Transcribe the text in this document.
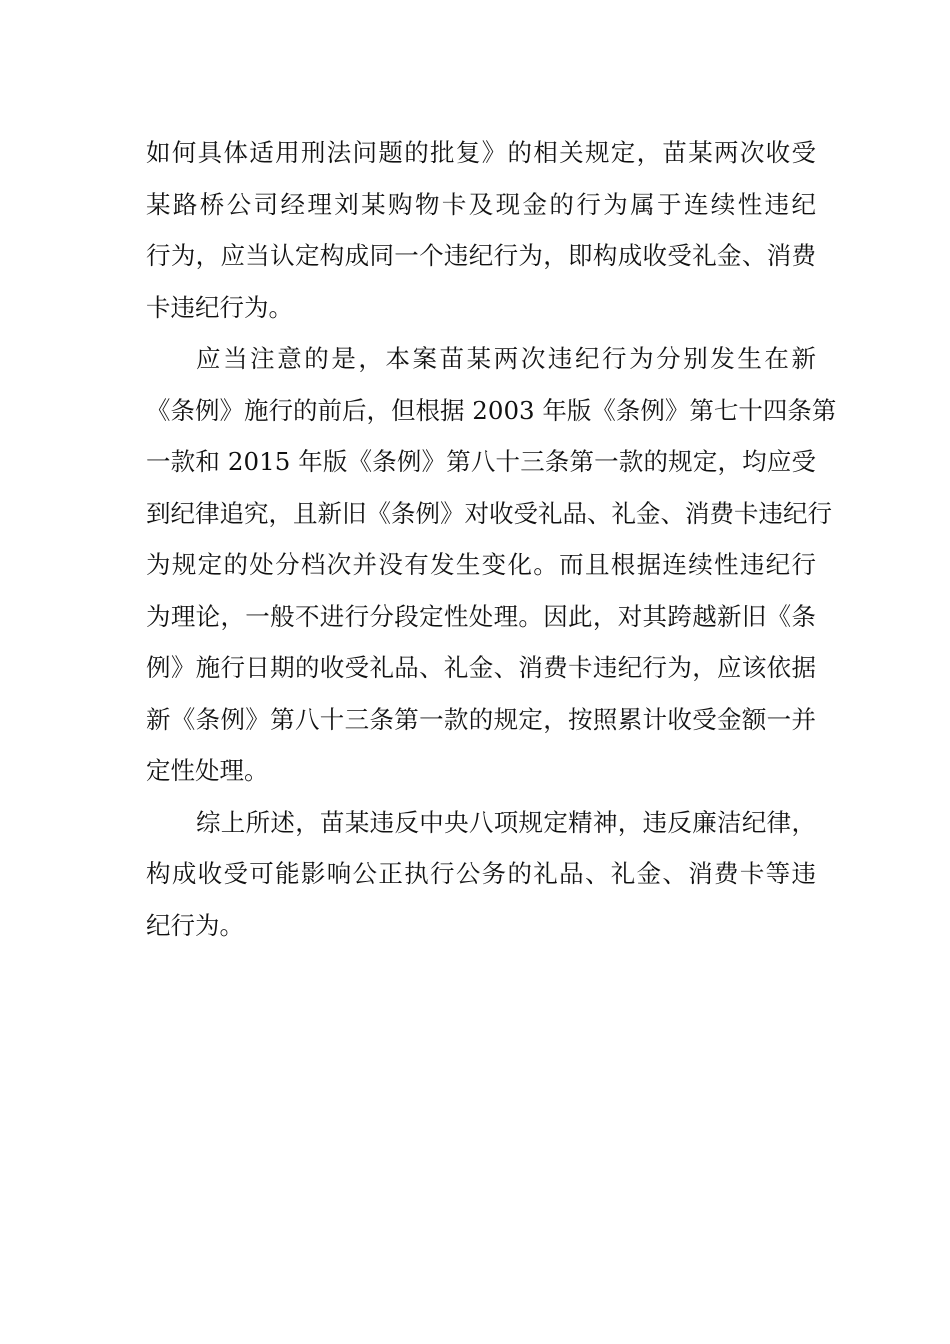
如何具体适用刑法问题的批复》的相关规定，苗某两次收受
某路桥公司经理刘某购物卡及现金的行为属于连续性违纪
行为，应当认定构成同一个违纪行为，即构成收受礼金、消费
卡违纪行为。
应当注意的是，本案苗某两次违纪行为分别发生在新
《条例》施行的前后，但根据 2003 年版《条例》第七十四条第
一款和 2015 年版《条例》第八十三条第一款的规定，均应受
到纪律追究，且新旧《条例》对收受礼品、礼金、消费卡违纪行
为规定的处分档次并没有发生变化。而且根据连续性违纪行
为理论，一般不进行分段定性处理。因此，对其跨越新旧《条
例》施行日期的收受礼品、礼金、消费卡违纪行为，应该依据
新《条例》第八十三条第一款的规定，按照累计收受金额一并
定性处理。
综上所述，苗某违反中央八项规定精神，违反廉洁纪律，
构成收受可能影响公正执行公务的礼品、礼金、消费卡等违
纪行为。
